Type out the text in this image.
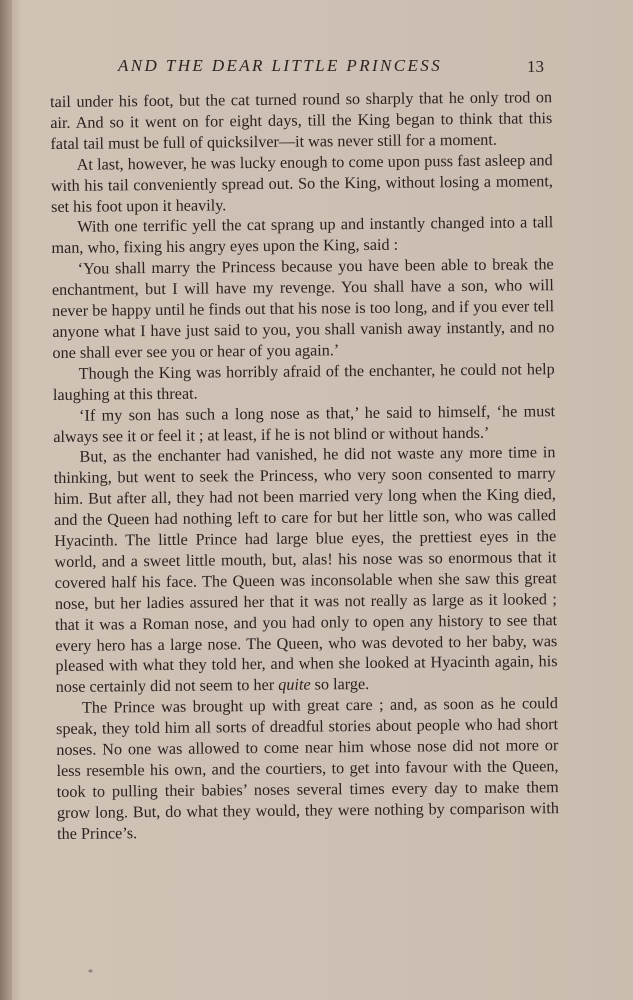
AND THE DEAR LITTLE PRINCESS	13

tail under his foot, but the cat turned round so sharply that he only trod on air. And so it went on for eight days, till the King began to think that this fatal tail must be full of quicksilver—it was never still for a moment.

At last, however, he was lucky enough to come upon puss fast asleep and with his tail conveniently spread out. So the King, without losing a moment, set his foot upon it heavily.

With one terrific yell the cat sprang up and instantly changed into a tall man, who, fixing his angry eyes upon the King, said :

‘You shall marry the Princess because you have been able to break the enchantment, but I will have my revenge. You shall have a son, who will never be happy until he finds out that his nose is too long, and if you ever tell anyone what I have just said to you, you shall vanish away instantly, and no one shall ever see you or hear of you again.’

Though the King was horribly afraid of the enchanter, he could not help laughing at this threat.

‘If my son has such a long nose as that,’ he said to himself, ‘he must always see it or feel it ; at least, if he is not blind or without hands.’

But, as the enchanter had vanished, he did not waste any more time in thinking, but went to seek the Princess, who very soon consented to marry him. But after all, they had not been married very long when the King died, and the Queen had nothing left to care for but her little son, who was called Hyacinth. The little Prince had large blue eyes, the prettiest eyes in the world, and a sweet little mouth, but, alas! his nose was so enormous that it covered half his face. The Queen was inconsolable when she saw this great nose, but her ladies assured her that it was not really as large as it looked ; that it was a Roman nose, and you had only to open any history to see that every hero has a large nose. The Queen, who was devoted to her baby, was pleased with what they told her, and when she looked at Hyacinth again, his nose certainly did not seem to her quite so large.

The Prince was brought up with great care ; and, as soon as he could speak, they told him all sorts of dreadful stories about people who had short noses. No one was allowed to come near him whose nose did not more or less resemble his own, and the courtiers, to get into favour with the Queen, took to pulling their babies’ noses several times every day to make them grow long. But, do what they would, they were nothing by comparison with the Prince’s.

*
